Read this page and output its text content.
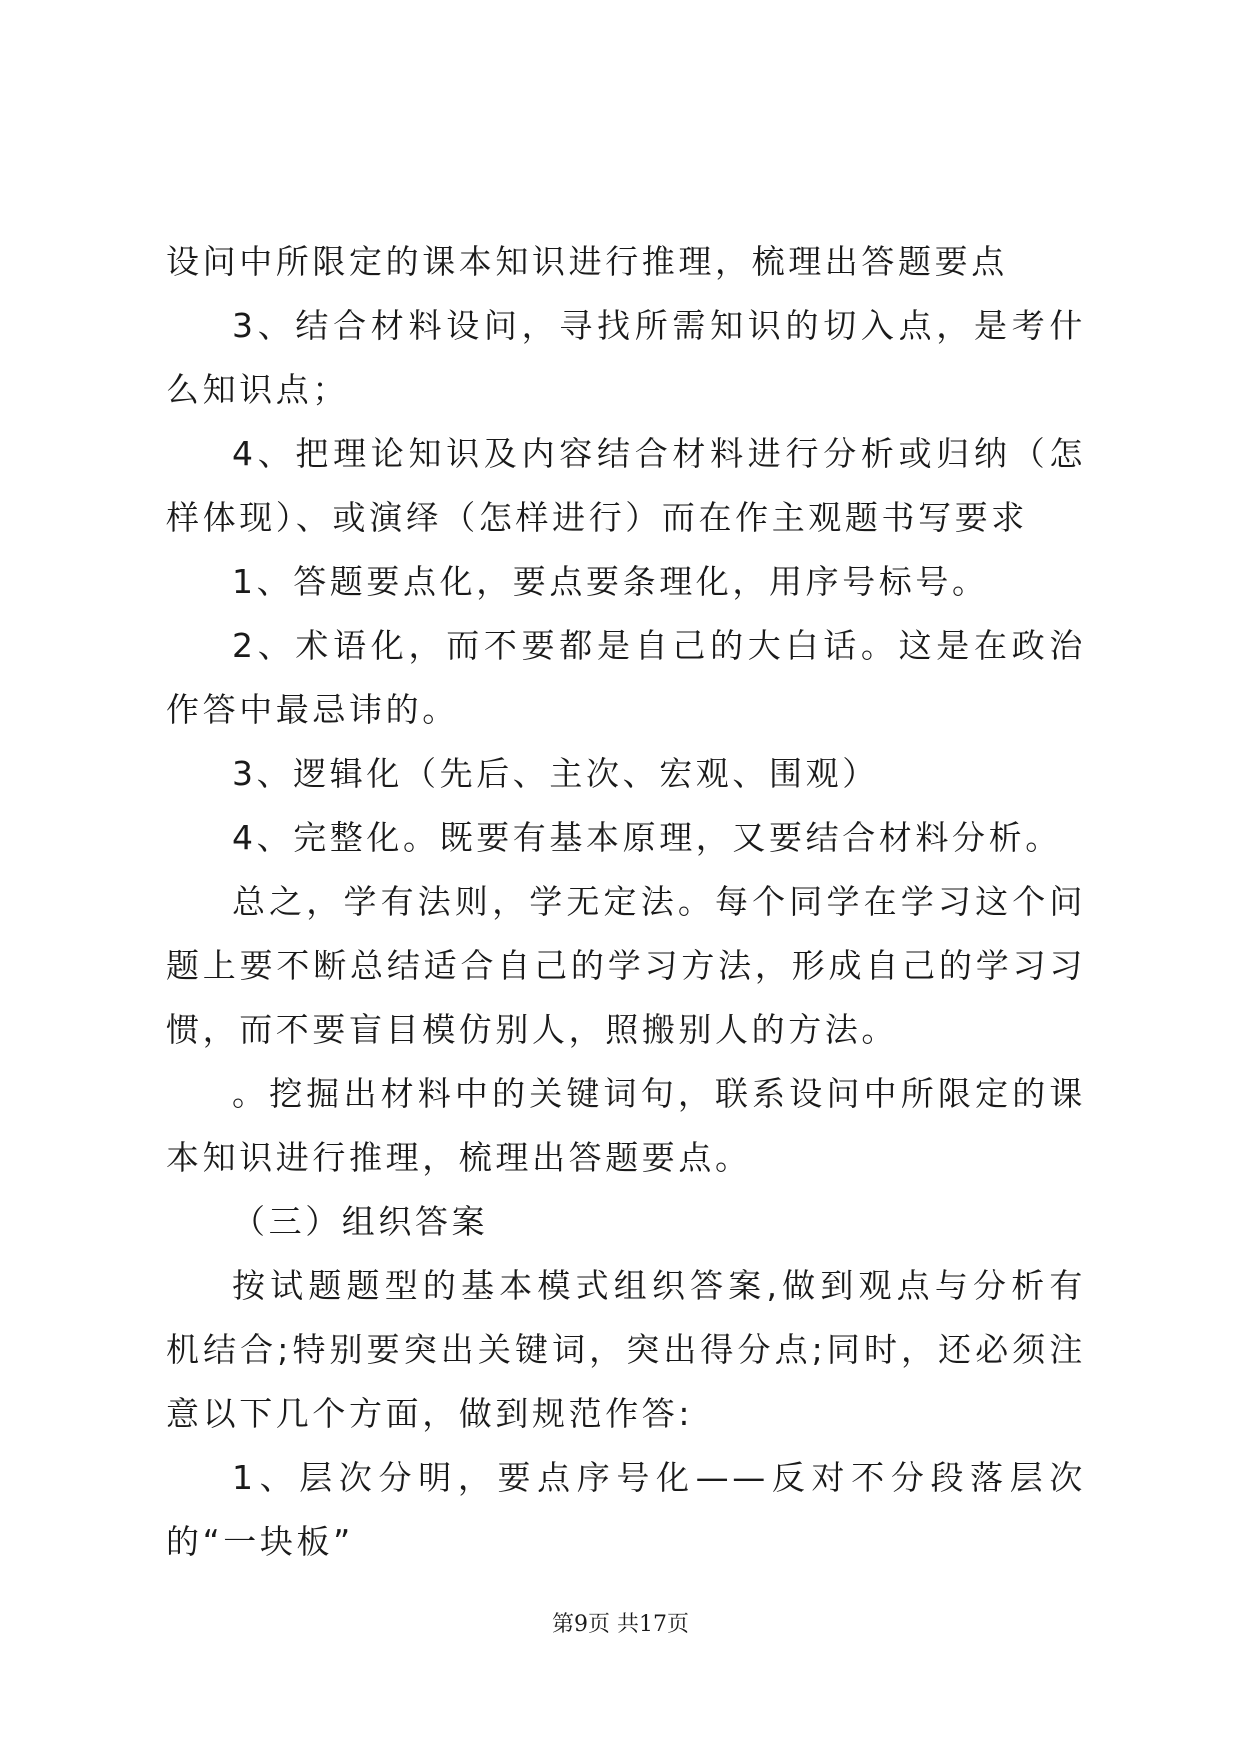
设问中所限定的课本知识进行推理，梳理出答题要点

3、结合材料设问，寻找所需知识的切入点，是考什么知识点；

4、把理论知识及内容结合材料进行分析或归纳（怎样体现）、或演绎（怎样进行）而在作主观题书写要求

1、答题要点化，要点要条理化，用序号标号。

2、术语化，而不要都是自己的大白话。这是在政治作答中最忌讳的。

3、逻辑化（先后、主次、宏观、围观）

4、完整化。既要有基本原理，又要结合材料分析。

总之，学有法则，学无定法。每个同学在学习这个问题上要不断总结适合自己的学习方法，形成自己的学习习惯，而不要盲目模仿别人，照搬别人的方法。

。挖掘出材料中的关键词句，联系设问中所限定的课本知识进行推理，梳理出答题要点。

（三）组织答案

按试题题型的基本模式组织答案,做到观点与分析有机结合;特别要突出关键词，突出得分点;同时，还必须注意以下几个方面，做到规范作答:

1、层次分明，要点序号化——反对不分段落层次的“一块板”

第9页 共17页
